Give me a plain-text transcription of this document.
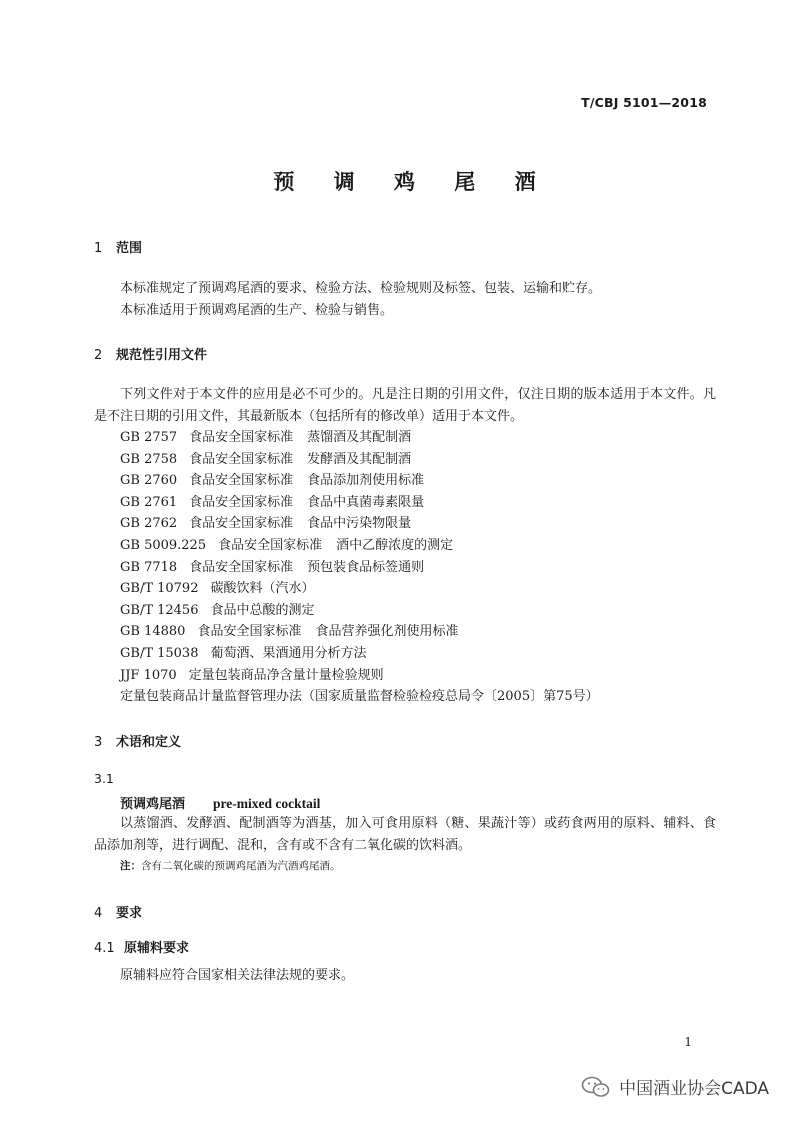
T/CBJ 5101—2018
预 调 鸡 尾 酒
1 范围
本标准规定了预调鸡尾酒的要求、检验方法、检验规则及标签、包装、运输和贮存。
本标准适用于预调鸡尾酒的生产、检验与销售。
2 规范性引用文件
下列文件对于本文件的应用是必不可少的。凡是注日期的引用文件，仅注日期的版本适用于本文件。凡是不注日期的引用文件，其最新版本（包括所有的修改单）适用于本文件。
GB 2757 食品安全国家标准 蒸馏酒及其配制酒
GB 2758 食品安全国家标准 发酵酒及其配制酒
GB 2760 食品安全国家标准 食品添加剂使用标准
GB 2761 食品安全国家标准 食品中真菌毒素限量
GB 2762 食品安全国家标准 食品中污染物限量
GB 5009.225 食品安全国家标准 酒中乙醇浓度的测定
GB 7718 食品安全国家标准 预包装食品标签通则
GB/T 10792 碳酸饮料（汽水）
GB/T 12456 食品中总酸的测定
GB 14880 食品安全国家标准 食品营养强化剂使用标准
GB/T 15038 葡萄酒、果酒通用分析方法
JJF 1070 定量包装商品净含量计量检验规则
定量包装商品计量监督管理办法（国家质量监督检验检疫总局令〔2005〕第75号）
3 术语和定义
3.1
预调鸡尾酒 pre-mixed cocktail
以蒸馏酒、发酵酒、配制酒等为酒基，加入可食用原料（糖、果蔬汁等）或药食两用的原料、辅料、食品添加剂等，进行调配、混和，含有或不含有二氧化碳的饮料酒。
注：含有二氧化碳的预调鸡尾酒为汽酒鸡尾酒。
4 要求
4.1 原辅料要求
原辅料应符合国家相关法律法规的要求。
1
中国酒业协会CADA
